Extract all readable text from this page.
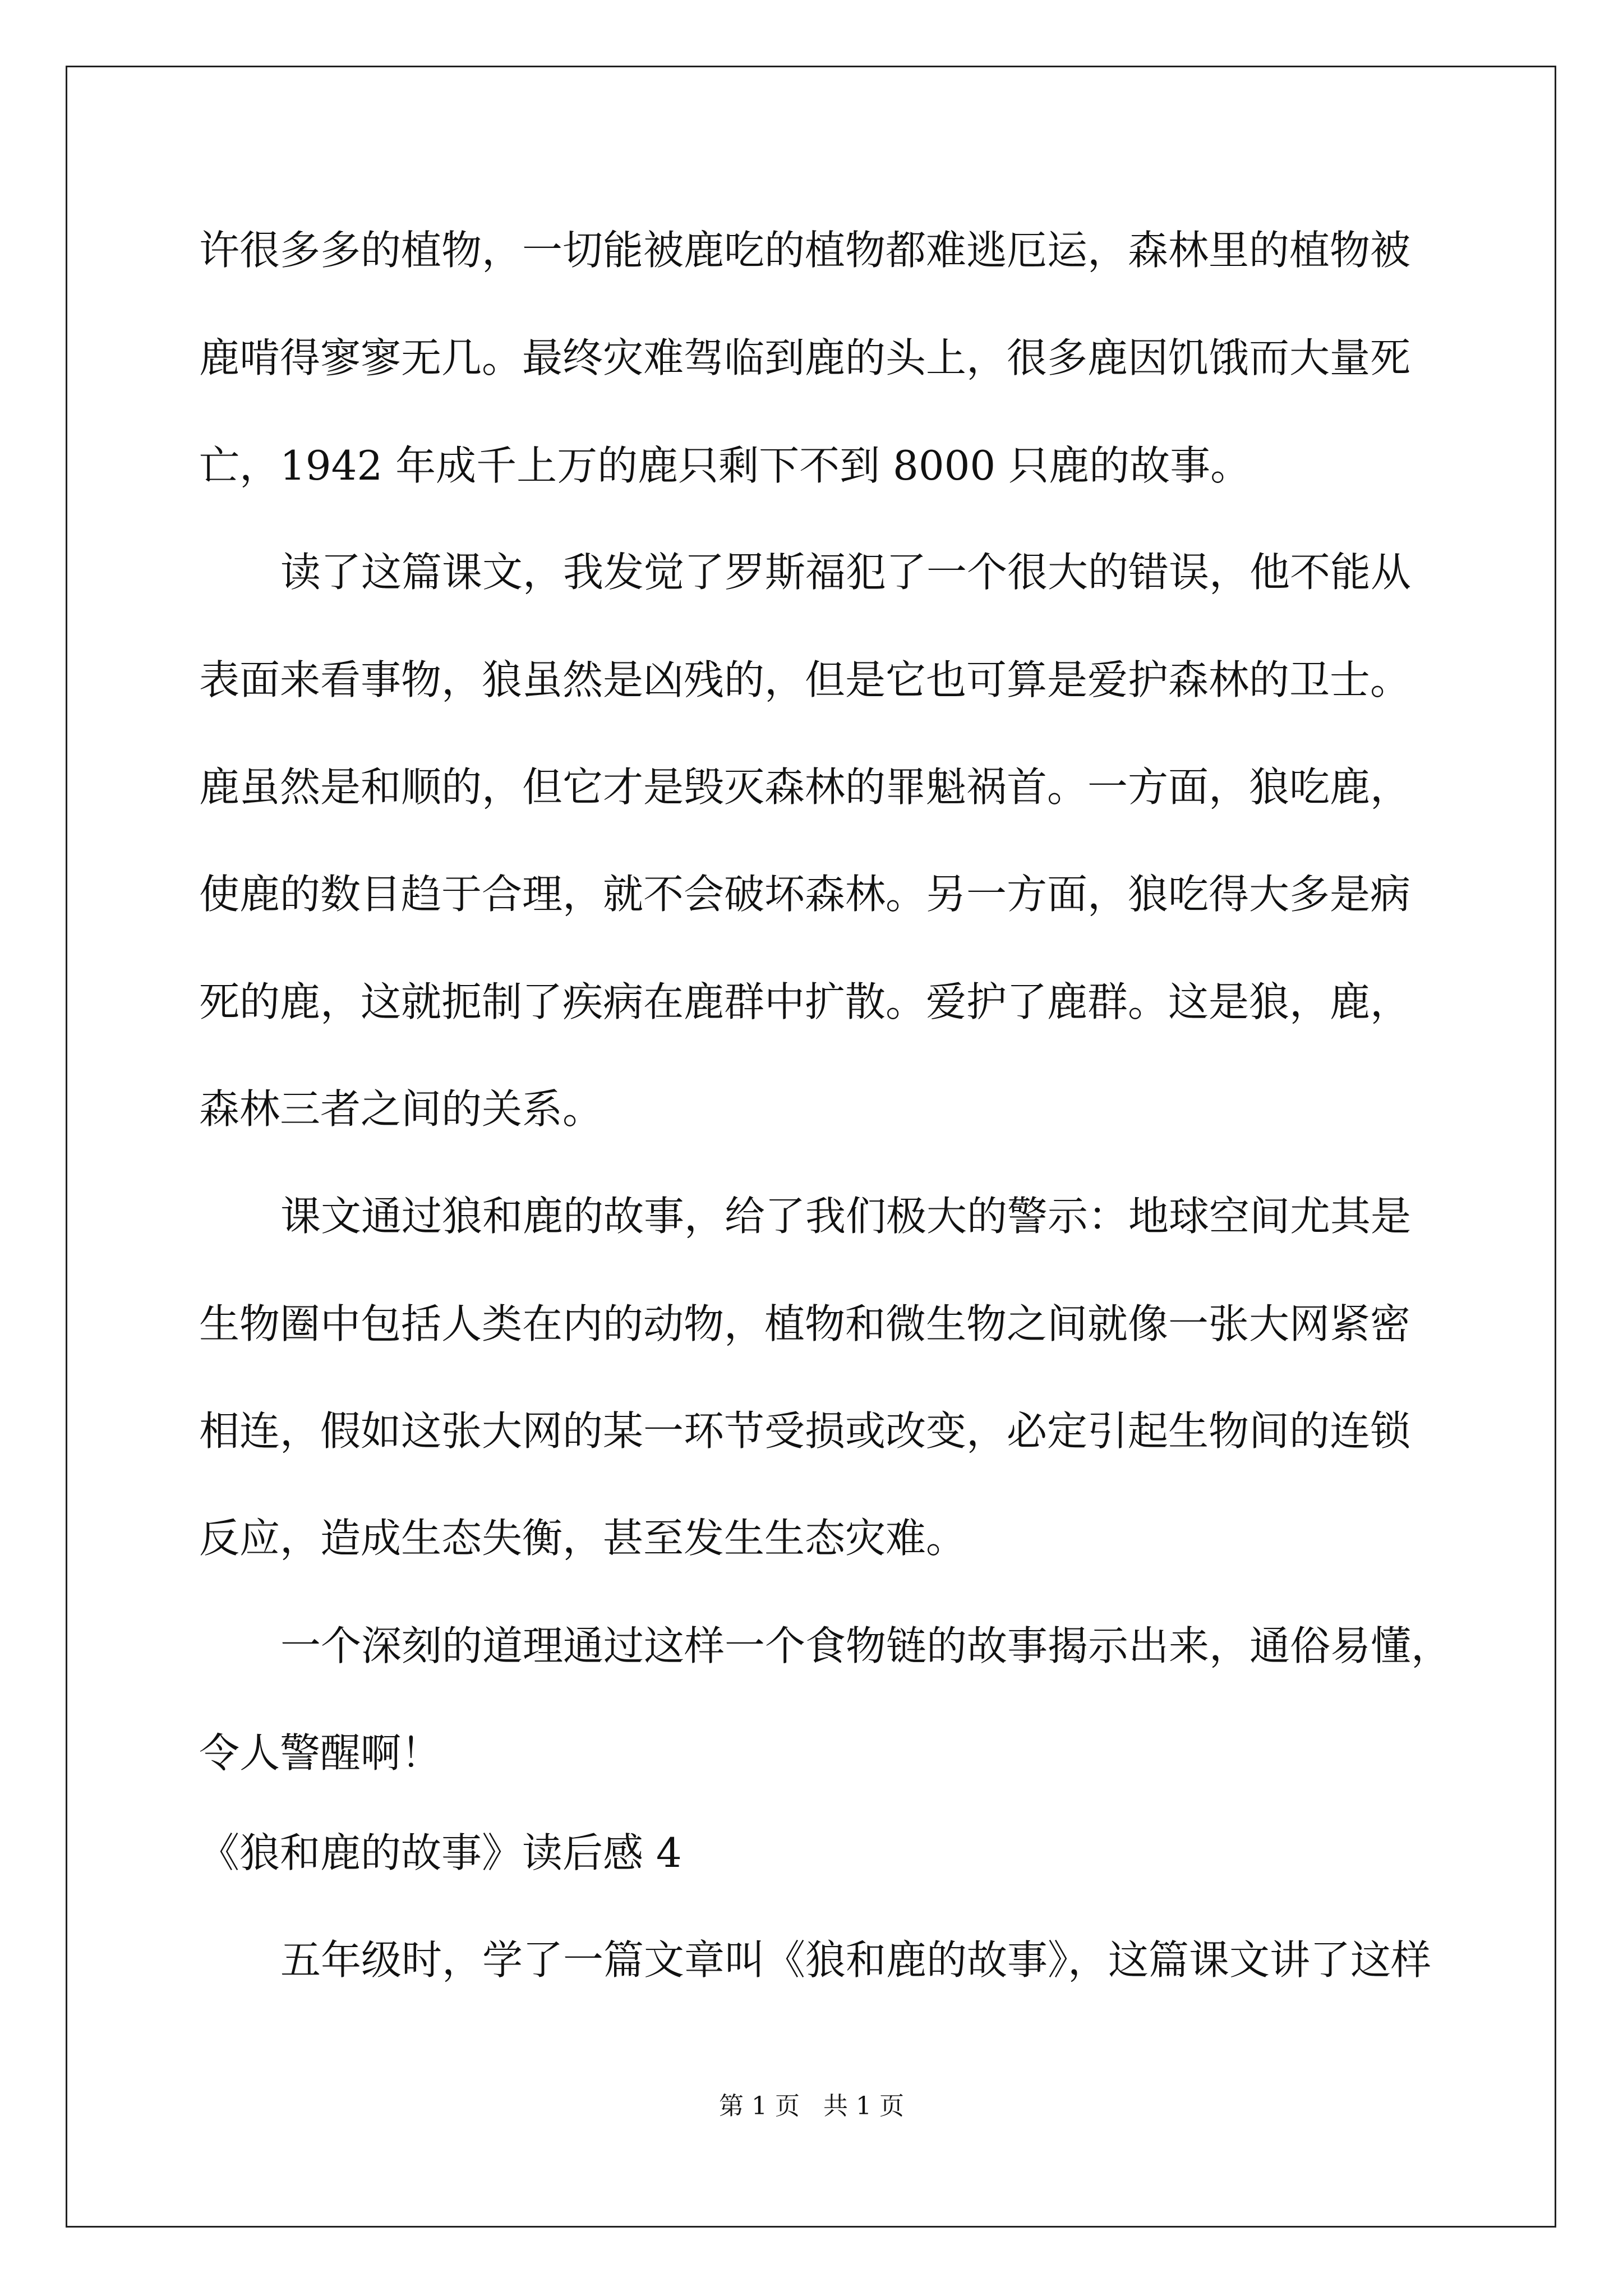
许很多多的植物，一切能被鹿吃的植物都难逃厄运，森林里的植物被
鹿啃得寥寥无几。最终灾难驾临到鹿的头上，很多鹿因饥饿而大量死
亡，1942 年成千上万的鹿只剩下不到 8000 只鹿的故事。
读了这篇课文，我发觉了罗斯福犯了一个很大的错误，他不能从
表面来看事物，狼虽然是凶残的，但是它也可算是爱护森林的卫士。
鹿虽然是和顺的，但它才是毁灭森林的罪魁祸首。一方面，狼吃鹿，
使鹿的数目趋于合理，就不会破坏森林。另一方面，狼吃得大多是病
死的鹿，这就扼制了疾病在鹿群中扩散。爱护了鹿群。这是狼，鹿，
森林三者之间的关系。
课文通过狼和鹿的故事，给了我们极大的警示：地球空间尤其是
生物圈中包括人类在内的动物，植物和微生物之间就像一张大网紧密
相连，假如这张大网的某一环节受损或改变，必定引起生物间的连锁
反应，造成生态失衡，甚至发生生态灾难。
一个深刻的道理通过这样一个食物链的故事揭示出来，通俗易懂，
令人警醒啊！
《狼和鹿的故事》读后感 4
五年级时，学了一篇文章叫《狼和鹿的故事》，这篇课文讲了这样
第 1 页   共 1 页
